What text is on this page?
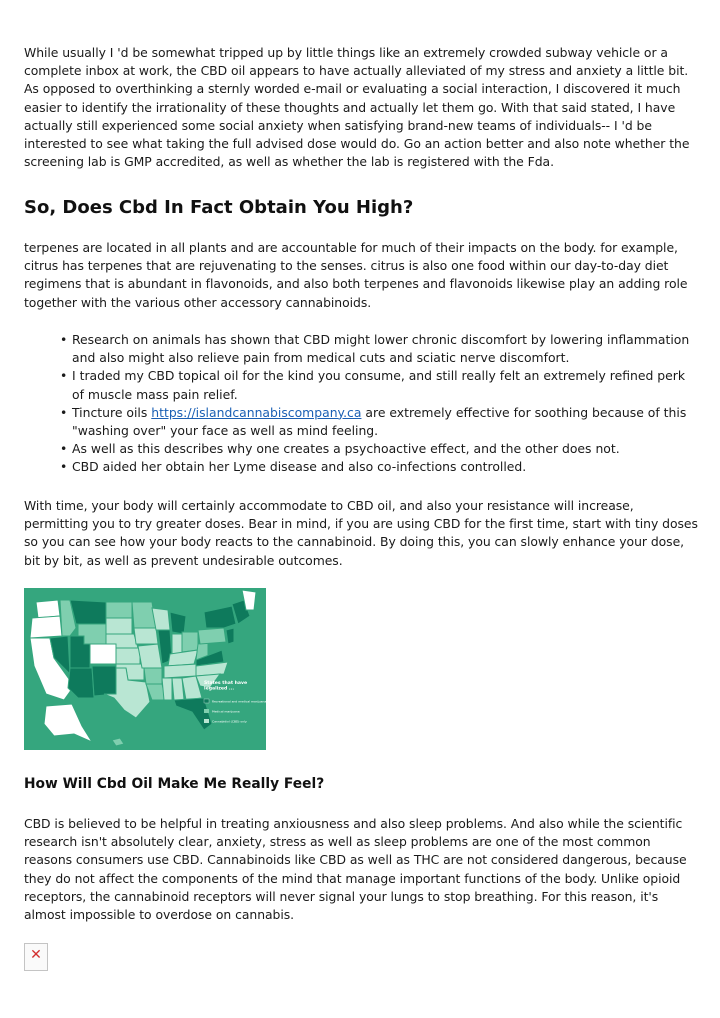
While usually I 'd be somewhat tripped up by little things like an extremely crowded subway vehicle or a complete inbox at work, the CBD oil appears to have actually alleviated of my stress and anxiety a little bit. As opposed to overthinking a sternly worded e-mail or evaluating a social interaction, I discovered it much easier to identify the irrationality of these thoughts and actually let them go. With that said stated, I have actually still experienced some social anxiety when satisfying brand-new teams of individuals-- I 'd be interested to see what taking the full advised dose would do. Go an action better and also note whether the screening lab is GMP accredited, as well as whether the lab is registered with the Fda.

So, Does Cbd In Fact Obtain You High?

terpenes are located in all plants and are accountable for much of their impacts on the body. for example, citrus has terpenes that are rejuvenating to the senses. citrus is also one food within our day-to-day diet regimens that is abundant in flavonoids, and also both terpenes and flavonoids likewise play an adding role together with the various other accessory cannabinoids.

• Research on animals has shown that CBD might lower chronic discomfort by lowering inflammation and also might also relieve pain from medical cuts and sciatic nerve discomfort.
• I traded my CBD topical oil for the kind you consume, and still really felt an extremely refined perk of muscle mass pain relief.
• Tincture oils https://islandcannabiscompany.ca are extremely effective for soothing because of this "washing over" your face as well as mind feeling.
• As well as this describes why one creates a psychoactive effect, and the other does not.
• CBD aided her obtain her Lyme disease and also co-infections controlled.

With time, your body will certainly accommodate to CBD oil, and also your resistance will increase, permitting you to try greater doses. Bear in mind, if you are using CBD for the first time, start with tiny doses so you can see how your body reacts to the cannabinoid. By doing this, you can slowly enhance your dose, bit by bit, as well as prevent undesirable outcomes.

States that have legalized ...
Recreational and medical marijuana
Medical marijuana
Cannabidiol (CBD) only
How Will Cbd Oil Make Me Really Feel?

CBD is believed to be helpful in treating anxiousness and also sleep problems. And also while the scientific research isn't absolutely clear, anxiety, stress as well as sleep problems are one of the most common reasons consumers use CBD. Cannabinoids like CBD as well as THC are not considered dangerous, because they do not affect the components of the mind that manage important functions of the body. Unlike opioid receptors, the cannabinoid receptors will never signal your lungs to stop breathing. For this reason, it's almost impossible to overdose on cannabis.

✕
